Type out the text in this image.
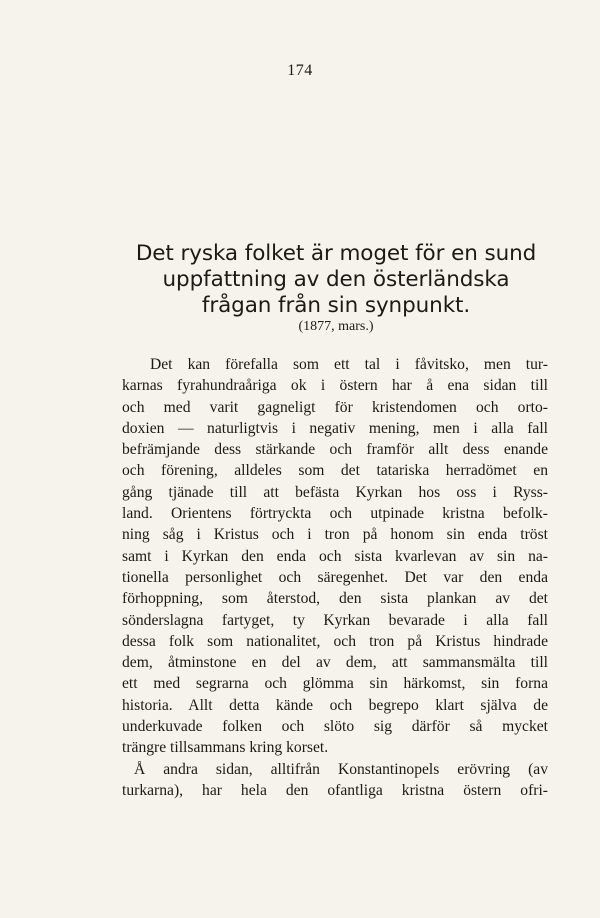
174
Det ryska folket är moget för en sund
uppfattning av den österländska
frågan från sin synpunkt.
(1877, mars.)
Det kan förefalla som ett tal i fåvitsko, men tur-
karnas fyrahundraåriga ok i östern har å ena sidan till
och med varit gagneligt för kristendomen och orto-
doxien — naturligtvis i negativ mening, men i alla fall
befrämjande dess stärkande och framför allt dess enande
och förening, alldeles som det tatariska herradömet en
gång tjänade till att befästa Kyrkan hos oss i Ryss-
land. Orientens förtryckta och utpinade kristna befolk-
ning såg i Kristus och i tron på honom sin enda tröst
samt i Kyrkan den enda och sista kvarlevan av sin na-
tionella personlighet och säregenhet. Det var den enda
förhoppning, som återstod, den sista plankan av det
sönderslagna fartyget, ty Kyrkan bevarade i alla fall
dessa folk som nationalitet, och tron på Kristus hindrade
dem, åtminstone en del av dem, att sammansmälta till
ett med segrarna och glömma sin härkomst, sin forna
historia. Allt detta kände och begrepo klart själva de
underkuvade folken och slöto sig därför så mycket
trängre tillsammans kring korset.
Å andra sidan, alltifrån Konstantinopels erövring (av
turkarna), har hela den ofantliga kristna östern ofri-
